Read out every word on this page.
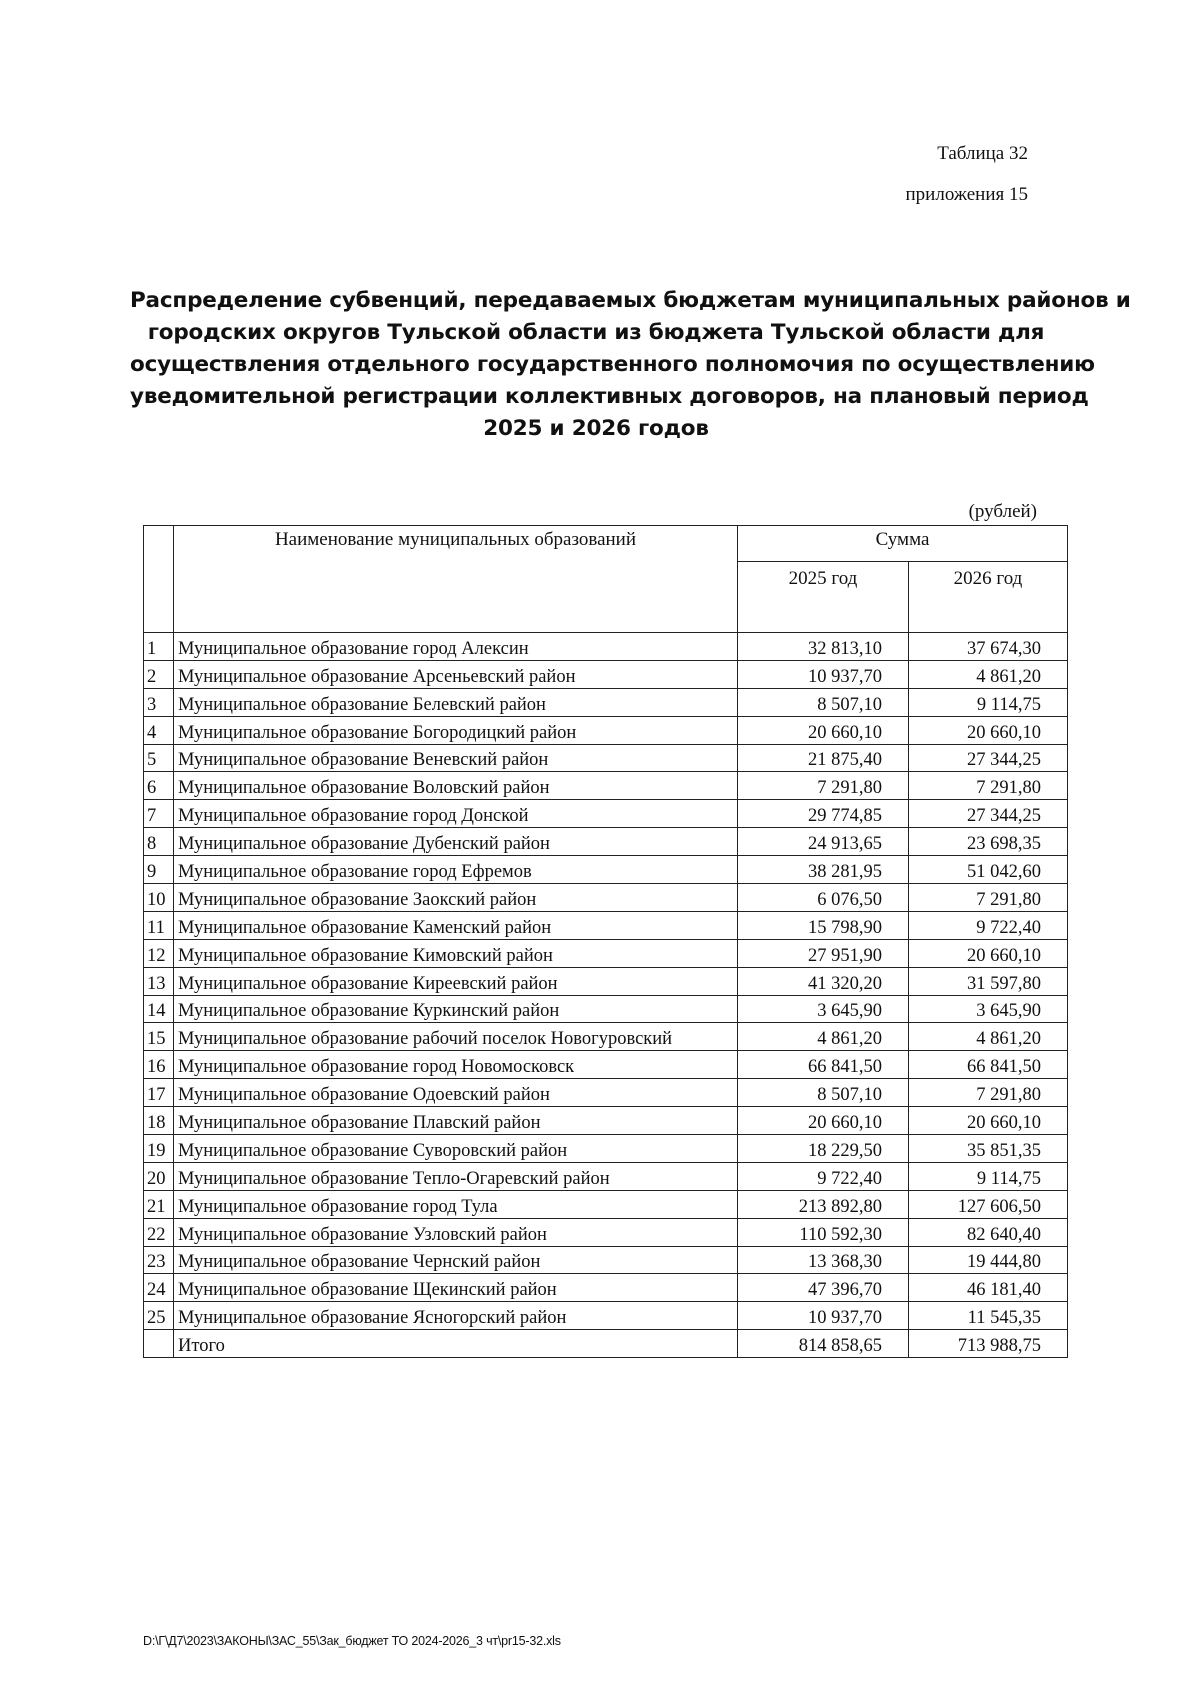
Таблица 32
приложения 15
Распределение субвенций, передаваемых бюджетам муниципальных районов и
городских округов Тульской области из бюджета Тульской области для
осуществления отдельного государственного полномочия по осуществлению
уведомительной регистрации коллективных договоров, на плановый период
2025 и 2026 годов
(рублей)
	Наименование муниципальных образований	Сумма	
		2025 год	2026 год
1	Муниципальное образование город Алексин	32 813,10	37 674,30
2	Муниципальное образование Арсеньевский район	10 937,70	4 861,20
3	Муниципальное образование Белевский район	8 507,10	9 114,75
4	Муниципальное образование Богородицкий район	20 660,10	20 660,10
5	Муниципальное образование Веневский район	21 875,40	27 344,25
6	Муниципальное образование Воловский район	7 291,80	7 291,80
7	Муниципальное образование город Донской	29 774,85	27 344,25
8	Муниципальное образование Дубенский район	24 913,65	23 698,35
9	Муниципальное образование город Ефремов	38 281,95	51 042,60
10	Муниципальное образование Заокский район	6 076,50	7 291,80
11	Муниципальное образование Каменский район	15 798,90	9 722,40
12	Муниципальное образование Кимовский район	27 951,90	20 660,10
13	Муниципальное образование Киреевский район	41 320,20	31 597,80
14	Муниципальное образование Куркинский район	3 645,90	3 645,90
15	Муниципальное образование рабочий поселок Новогуровский	4 861,20	4 861,20
16	Муниципальное образование город Новомосковск	66 841,50	66 841,50
17	Муниципальное образование Одоевский район	8 507,10	7 291,80
18	Муниципальное образование Плавский район	20 660,10	20 660,10
19	Муниципальное образование Суворовский район	18 229,50	35 851,35
20	Муниципальное образование Тепло-Огаревский район	9 722,40	9 114,75
21	Муниципальное образование город Тула	213 892,80	127 606,50
22	Муниципальное образование Узловский район	110 592,30	82 640,40
23	Муниципальное образование Чернский район	13 368,30	19 444,80
24	Муниципальное образование Щекинский район	47 396,70	46 181,40
25	Муниципальное образование Ясногорский район	10 937,70	11 545,35
	Итого	814 858,65	713 988,75
D:\Г\Д7\2023\ЗАКОНЫ\ЗАС_55\Зак_бюджет ТО 2024-2026_3 чт\pr15-32.xls
